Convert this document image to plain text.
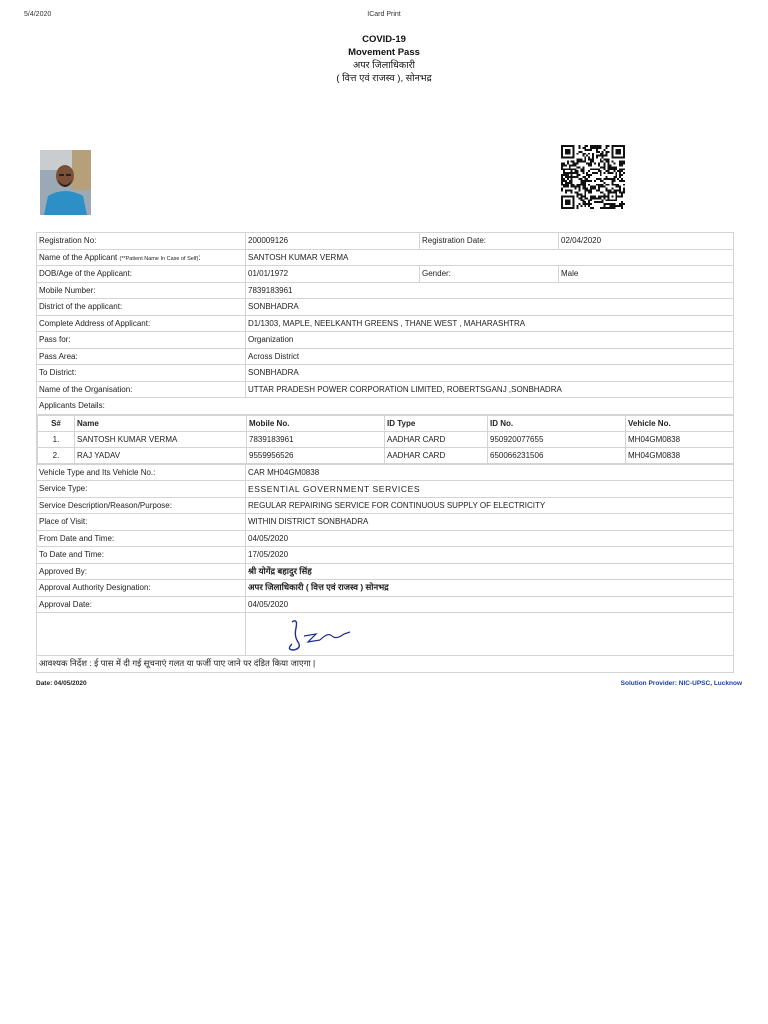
5/4/2020	ICard Print
COVID-19
Movement Pass
अपर जिलाधिकारी
( वित्त एवं राजस्व ), सोनभद्र
Registration No:	200009126	Registration Date:	02/04/2020
Name of the Applicant (**Patient Name In Case of Self):	SANTOSH KUMAR VERMA
DOB/Age of the Applicant:	01/01/1972	Gender:	Male
Mobile Number:	7839183961
District of the applicant:	SONBHADRA
Complete Address of Applicant:	D1/1303, MAPLE, NEELKANTH GREENS , THANE WEST , MAHARASHTRA
Pass for:	Organization
Pass Area:	Across District
To District:	SONBHADRA
Name of the Organisation:	UTTAR PRADESH POWER CORPORATION LIMITED, ROBERTSGANJ ,SONBHADRA
Applicants Details:

S#	Name	Mobile No.	ID Type	ID No.	Vehicle No.
1.	SANTOSH KUMAR VERMA	7839183961	AADHAR CARD	950920077655	MH04GM0838
2.	RAJ YADAV	9559956526	AADHAR CARD	650066231506	MH04GM0838

Vehicle Type and Its Vehicle No.:	CAR MH04GM0838
Service Type:	ESSENTIAL GOVERNMENT SERVICES
Service Description/Reason/Purpose:	REGULAR REPAIRING SERVICE FOR CONTINUOUS SUPPLY OF ELECTRICITY
Place of Visit:	WITHIN DISTRICT SONBHADRA
From Date and Time:	04/05/2020
To Date and Time:	17/05/2020
Approved By:	श्री योगेंद्र बहादुर सिंह
Approval Authority Designation:	अपर जिलाधिकारी ( वित्त एवं राजस्व ) सोनभद्र
Approval Date:	04/05/2020

आवश्यक निर्देश : ई पास में दी गई सूचनाएं गलत या फर्जी पाए जाने पर दंडित किया जाएगा |
Date: 04/05/2020	Solution Provider: NIC-UPSC, Lucknow
